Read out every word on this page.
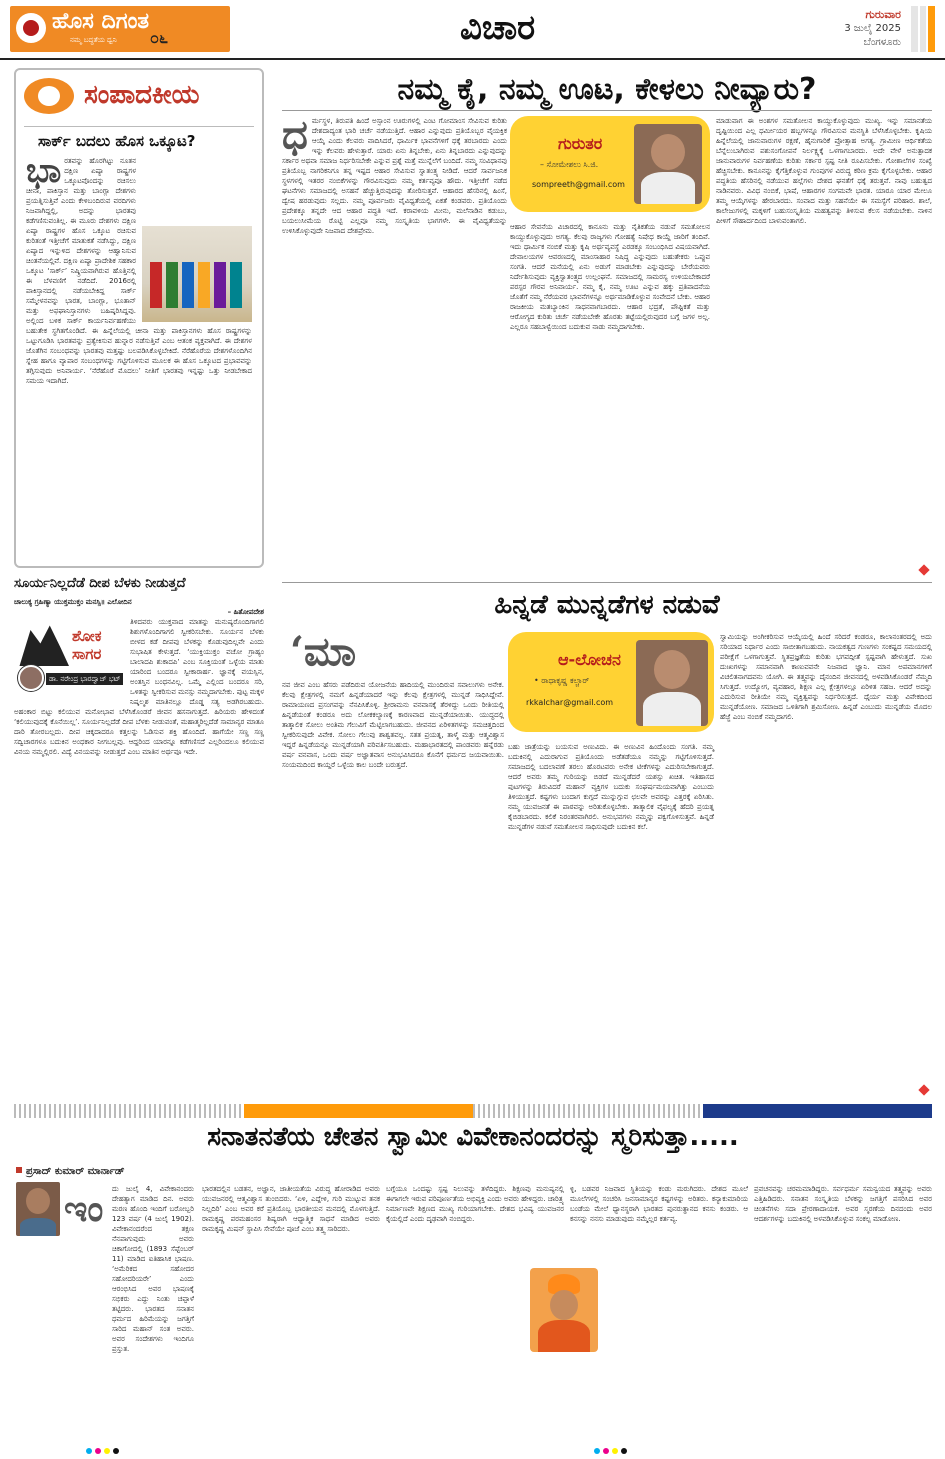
ಹೊಸ ದಿಗಂತ
ನಮ್ಮ ಬದ್ಧತೆಯ ಧ್ವನಿ ೦೬	ವಿಚಾರ	ಗುರುವಾರ
3 ಜುಲೈ 2025
ಬೆಂಗಳೂರು
ಸಂಪಾದಕೀಯ
ಸಾರ್ಕ್ ಬದಲು ಹೊಸ ಒಕ್ಕೂಟ?
ಭಾ ರತವನ್ನು ಹೊರಗಿಟ್ಟು ನೂತನ ದಕ್ಷಿಣ ಏಷ್ಯಾ ರಾಷ್ಟ್ರಗಳ ಒಕ್ಕೂಟವೊಂದನ್ನು ರಚಿಸಲು ಚೀನಾ, ಪಾಕಿಸ್ತಾನ ಮತ್ತು ಬಾಂಗ್ಲಾ ದೇಶಗಳು ಪ್ರಯತ್ನಿಸುತ್ತಿವೆ ಎಂದು ಕೇಳಿಬಂದಿರುವ ವರದಿಗಳು ನಿಜವಾಗಿದ್ದಲ್ಲಿ, ಅದನ್ನು ಭಾರತವು ಕಡೆಗಣಿಸುವಂತಿಲ್ಲ. ಈ ಮೂರು ದೇಶಗಳು ದಕ್ಷಿಣ ಏಷ್ಯಾ ರಾಷ್ಟ್ರಗಳ ಹೊಸ ಒಕ್ಕೂಟ ರಚಿಸುವ ಕುರಿತಂತೆ ಇತ್ತೀಚೆಗೆ ಮಾತುಕತೆ ನಡೆಸಿದ್ದು, ದಕ್ಷಿಣ ಏಷ್ಯಾದ ಇನ್ನುಳಿದ ದೇಶಗಳನ್ನು ಆಹ್ವಾನಿಸುವ ಚಿಂತನೆಯಲ್ಲಿವೆ. ದಕ್ಷಿಣ ಏಷ್ಯಾ ಪ್ರಾದೇಶಿಕ ಸಹಕಾರ ಒಕ್ಕೂಟ ‘ಸಾರ್ಕ್’ ನಿಷ್ಕ್ರಿಯವಾಗಿರುವ ಹೊತ್ತಿನಲ್ಲಿ ಈ ಬೆಳವಣಿಗೆ ನಡೆದಿದೆ. 2016ರಲ್ಲಿ ಪಾಕಿಸ್ತಾನದಲ್ಲಿ ನಡೆಯಬೇಕಿದ್ದ ಸಾರ್ಕ್ ಸಮ್ಮೇಳನವನ್ನು ಭಾರತ, ಬಾಂಗ್ಲಾ, ಭೂತಾನ್ ಮತ್ತು ಅಫಘಾನಿಸ್ತಾನಗಳು ಬಹಿಷ್ಕರಿಸಿದ್ದವು. ಅಲ್ಲಿಂದ ಬಳಿಕ ಸಾರ್ಕ್ ಕಾರ್ಯನಿರ್ವಹಣೆಯು ಬಹುತೇಕ ಸ್ಥಗಿತಗೊಂಡಿದೆ. ಈ ಹಿನ್ನೆಲೆಯಲ್ಲಿ ಚೀನಾ ಮತ್ತು ಪಾಕಿಸ್ತಾನಗಳು ಹೊಸ ರಾಷ್ಟ್ರಗಳನ್ನು ಒಟ್ಟುಗೂಡಿಸಿ ಭಾರತವನ್ನು ಪ್ರತ್ಯೇಕಿಸುವ ಹುನ್ನಾರ ನಡೆಸುತ್ತಿವೆ ಎಂಬ ಆತಂಕ ವ್ಯಕ್ತವಾಗಿದೆ. ಈ ದೇಶಗಳ ಜೊತೆಗಿನ ಸಂಬಂಧವನ್ನು ಭಾರತವು ಮತ್ತಷ್ಟು ಬಲಪಡಿಸಿಕೊಳ್ಳಬೇಕಿದೆ. ನೆರೆಹೊರೆಯ ದೇಶಗಳೊಂದಿಗಿನ ಸ್ನೇಹ ಹಾಗೂ ವ್ಯಾಪಾರ ಸಂಬಂಧಗಳನ್ನು ಗಟ್ಟಿಗೊಳಿಸುವ ಮೂಲಕ ಈ ಹೊಸ ಒಕ್ಕೂಟದ ಪ್ರಭಾವವನ್ನು ತಗ್ಗಿಸುವುದು ಅನಿವಾರ್ಯ. ‘ನೆರೆಹೊರೆ ಮೊದಲು’ ನೀತಿಗೆ ಭಾರತವು ಇನ್ನಷ್ಟು ಒತ್ತು ನೀಡಬೇಕಾದ ಸಮಯ ಇದಾಗಿದೆ.
ಸೂರ್ಯನಿಲ್ಲದೆಡೆ ದೀಪ ಬೆಳಕು ನೀಡುತ್ತದೆ
ಚಾಲುಕ್ಯ ಗ್ರಹಿಣ್ಯಾ ಯುಕ್ತಮುಕ್ತಂ ಮನಸ್ಸಿ॥ ಎಲೋದಿನ
– ಹಿತೋಪದೇಶ
ಶೋಕ ಸಾಗರ
ಡಾ. ನರೇಂದ್ರ ಭಾರದ್ವಾಜ್ ಭಟ್
ತಿಳಿದವರು ಯುಕ್ತವಾದ ಮಾತನ್ನು ಮನುಷ್ಯರೊಂದಿಗಾಗಲಿ ಶಿಶುಗಳೊಂದಿಗಾಗಲಿ ಸ್ವೀಕರಿಸಬೇಕು. ಸೂರ್ಯನ ಬೆಳಕು ಬೀಳದ ಕಡೆ ದೀಪವು ಬೆಳಕನ್ನು ಕೊಡುವುದಿಲ್ಲವೇ ಎಂದು ಸುಭಾಷಿತ ಕೇಳುತ್ತದೆ. ‘ಯುಕ್ತಿಯುಕ್ತಂ ವಚೋ ಗ್ರಾಹ್ಯಂ ಬಾಲಾದಪಿ ಶುಕಾದಪಿ’ ಎಂಬ ಸೂಕ್ತಿಯಂತೆ ಒಳ್ಳೆಯ ಮಾತು ಯಾರಿಂದ ಬಂದರೂ ಸ್ವೀಕಾರಾರ್ಹ. ಜ್ಞಾನಕ್ಕೆ ವಯಸ್ಸಿನ, ಅಂತಸ್ತಿನ ಬಂಧನವಿಲ್ಲ. ಒಮ್ಮೆ ಎಲ್ಲಿಂದ ಬಂದರೂ ಸರಿ, ಒಳಿತನ್ನು ಸ್ವೀಕರಿಸುವ ಮನಸ್ಸು ನಮ್ಮದಾಗಬೇಕು. ಪುಟ್ಟ ಮಕ್ಕಳ ನಿಷ್ಕಲ್ಮಶ ಮಾತಿನಲ್ಲೂ ದೊಡ್ಡ ಸತ್ಯ ಅಡಗಿರಬಹುದು. ಅಹಂಕಾರ ಬಿಟ್ಟು ಕಲಿಯುವ ಮನೋಭಾವ ಬೆಳೆಸಿಕೊಂಡರೆ ಜೀವನ ಹಸನಾಗುತ್ತದೆ. ಹಿರಿಯರು ಹೇಳಿದಂತೆ ‘ಕಲಿಯುವುದಕ್ಕೆ ಕೊನೆಯಿಲ್ಲ’. ಸೂರ್ಯನಿಲ್ಲದೆಡೆ ದೀಪ ಬೆಳಕು ನೀಡುವಂತೆ, ಮಹಾತ್ಮರಿಲ್ಲದೆಡೆ ಸಾಮಾನ್ಯರ ಮಾತೂ ದಾರಿ ತೋರಬಲ್ಲದು. ದೀಪ ಚಿಕ್ಕದಾದರೂ ಕತ್ತಲನ್ನು ಓಡಿಸುವ ಶಕ್ತಿ ಹೊಂದಿದೆ. ಹಾಗೆಯೇ ಸಣ್ಣ ಸಣ್ಣ ಸದ್ವಿಚಾರಗಳೂ ಬದುಕಿನ ಅಂಧಕಾರ ನೀಗಬಲ್ಲವು. ಆದ್ದರಿಂದ ಯಾರನ್ನೂ ಕಡೆಗಣಿಸದೆ ಎಲ್ಲರಿಂದಲೂ ಕಲಿಯುವ ವಿನಯ ನಮ್ಮಲ್ಲಿರಲಿ. ವಿದ್ಯೆ ವಿನಯವನ್ನು ನೀಡುತ್ತದೆ ಎಂಬ ಮಾತಿನ ಅರ್ಥವೂ ಇದೇ.
ನಮ್ಮ ಕೈ, ನಮ್ಮ ಊಟ, ಕೇಳಲು ನೀವ್ಯಾರು?
ಧ ರ್ಮಸ್ಥಳ, ತಿರುಪತಿ ಹಿಂದೆ ಅಸ್ಸಾಂನ ಊರುಗಳಲ್ಲಿ ಎಂಟ ಗೋಮಾಂಸ ಸೇವಿಸುವ ಕುರಿತು ದೇಶದಾದ್ಯಂತ ಭಾರಿ ಚರ್ಚೆ ನಡೆಯುತ್ತಿದೆ. ಆಹಾರ ಎನ್ನುವುದು ಪ್ರತಿಯೊಬ್ಬರ ವೈಯಕ್ತಿಕ ಆಯ್ಕೆ ಎಂದು ಕೆಲವರು ವಾದಿಸಿದರೆ, ಧಾರ್ಮಿಕ ಭಾವನೆಗಳಿಗೆ ಧಕ್ಕೆ ತರಬಾರದು ಎಂದು ಇನ್ನು ಕೆಲವರು ಹೇಳುತ್ತಾರೆ. ಯಾರು ಏನು ತಿನ್ನಬೇಕು, ಏನು ತಿನ್ನಬಾರದು ಎನ್ನುವುದನ್ನು ಸರ್ಕಾರ ಅಥವಾ ಸಮಾಜ ನಿರ್ಧರಿಸಬೇಕೇ ಎನ್ನುವ ಪ್ರಶ್ನೆ ಮತ್ತೆ ಮುನ್ನೆಲೆಗೆ ಬಂದಿದೆ. ನಮ್ಮ ಸಂವಿಧಾನವು ಪ್ರತಿಯೊಬ್ಬ ನಾಗರಿಕನಿಗೂ ತನ್ನ ಇಷ್ಟದ ಆಹಾರ ಸೇವಿಸುವ ಸ್ವಾತಂತ್ರ್ಯ ನೀಡಿದೆ. ಆದರೆ ಸಾರ್ವಜನಿಕ ಸ್ಥಳಗಳಲ್ಲಿ ಇತರರ ನಂಬಿಕೆಗಳನ್ನು ಗೌರವಿಸುವುದು ನಮ್ಮ ಕರ್ತವ್ಯವೂ ಹೌದು. ಇತ್ತೀಚೆಗೆ ನಡೆದ ಘಟನೆಗಳು ಸಮಾಜದಲ್ಲಿ ಅಸಹನೆ ಹೆಚ್ಚುತ್ತಿರುವುದನ್ನು ತೋರಿಸುತ್ತವೆ. ಆಹಾರದ ಹೆಸರಿನಲ್ಲಿ ಹಿಂಸೆ, ದ್ವೇಷ ಹರಡುವುದು ಸಲ್ಲದು. ನಮ್ಮ ಪೂರ್ವಜರು ವೈವಿಧ್ಯತೆಯಲ್ಲಿ ಏಕತೆ ಕಂಡವರು. ಪ್ರತಿಯೊಂದು ಪ್ರದೇಶಕ್ಕೂ ತನ್ನದೇ ಆದ ಆಹಾರ ಪದ್ಧತಿ ಇದೆ. ಕರಾವಳಿಯ ಮೀನು, ಮಲೆನಾಡಿನ ಕಡುಬು, ಬಯಲುಸೀಮೆಯ ರೊಟ್ಟಿ ಎಲ್ಲವೂ ನಮ್ಮ ಸಂಸ್ಕೃತಿಯ ಭಾಗಗಳೇ. ಈ ವೈವಿಧ್ಯತೆಯನ್ನು ಉಳಿಸಿಕೊಳ್ಳುವುದೇ ನಿಜವಾದ ದೇಶಪ್ರೇಮ.
ಗುರುತರ
– ಸೋಮೇಶಲು ಸಿ.ಜಿ.
sompreeth@gmail.com
ಆಹಾರ ಸೇವನೆಯ ವಿಚಾರದಲ್ಲಿ ಕಾನೂನು ಮತ್ತು ನೈತಿಕತೆಯ ನಡುವೆ ಸಮತೋಲನ ಕಾಯ್ದುಕೊಳ್ಳುವುದು ಅಗತ್ಯ. ಕೆಲವು ರಾಜ್ಯಗಳು ಗೋಹತ್ಯೆ ನಿಷೇಧ ಕಾಯ್ದೆ ಜಾರಿಗೆ ತಂದಿವೆ. ಇದು ಧಾರ್ಮಿಕ ನಂಬಿಕೆ ಮತ್ತು ಕೃಷಿ ಅರ್ಥವ್ಯವಸ್ಥೆ ಎರಡಕ್ಕೂ ಸಂಬಂಧಿಸಿದ ವಿಷಯವಾಗಿದೆ. ದೇವಾಲಯಗಳ ಆವರಣದಲ್ಲಿ ಮಾಂಸಾಹಾರ ನಿಷಿದ್ಧ ಎನ್ನುವುದು ಬಹುತೇಕರು ಒಪ್ಪುವ ಸಂಗತಿ. ಆದರೆ ಮನೆಯಲ್ಲಿ ಏನು ಅಡುಗೆ ಮಾಡಬೇಕು ಎನ್ನುವುದನ್ನು ಬೇರೆಯವರು ನಿರ್ದೇಶಿಸುವುದು ವ್ಯಕ್ತಿಸ್ವಾತಂತ್ರ್ಯದ ಉಲ್ಲಂಘನೆ. ಸಮಾಜದಲ್ಲಿ ಸಾಮರಸ್ಯ ಉಳಿಯಬೇಕಾದರೆ ಪರಸ್ಪರ ಗೌರವ ಅನಿವಾರ್ಯ. ನಮ್ಮ ಕೈ, ನಮ್ಮ ಊಟ ಎನ್ನುವ ಹಕ್ಕು ಪ್ರತಿಪಾದನೆಯ ಜೊತೆಗೆ ನಮ್ಮ ನೆರೆಯವರ ಭಾವನೆಗಳನ್ನೂ ಅರ್ಥಮಾಡಿಕೊಳ್ಳುವ ಸಂವೇದನೆ ಬೇಕು. ಆಹಾರ ರಾಜಕೀಯ ಮತಬ್ಯಾಂಕಿನ ಸಾಧನವಾಗಬಾರದು. ಆಹಾರ ಭದ್ರತೆ, ಪೌಷ್ಟಿಕತೆ ಮತ್ತು ಆರೋಗ್ಯದ ಕುರಿತು ಚರ್ಚೆ ನಡೆಯಬೇಕೇ ಹೊರತು ತಟ್ಟೆಯಲ್ಲಿರುವುದರ ಬಗ್ಗೆ ಜಗಳ ಅಲ್ಲ. ಎಲ್ಲರೂ ಸಹಬಾಳ್ವೆಯಿಂದ ಬದುಕುವ ನಾಡು ನಮ್ಮದಾಗಬೇಕು.
ಮಾಡುವಾಗ ಈ ಅಂಶಗಳ ಸಮತೋಲನ ಕಾಯ್ದುಕೊಳ್ಳುವುದು ಮುಖ್ಯ. ಇನ್ನು ಸಮಾನತೆಯ ದೃಷ್ಟಿಯಿಂದ ಎಲ್ಲ ಧರ್ಮೀಯರ ಹಬ್ಬಗಳನ್ನೂ ಗೌರವಿಸುವ ಮನಸ್ಥಿತಿ ಬೆಳೆಸಿಕೊಳ್ಳಬೇಕು. ಕೃಷಿಯ ಹಿನ್ನೆಲೆಯಲ್ಲಿ ಜಾನುವಾರುಗಳ ರಕ್ಷಣೆ, ಹೈನುಗಾರಿಕೆ ಪ್ರೋತ್ಸಾಹ ಅಗತ್ಯ. ಗ್ರಾಮೀಣ ಆರ್ಥಿಕತೆಯ ಬೆನ್ನೆಲುಬಾಗಿರುವ ಪಶುಸಂಗೋಪನೆ ನಿರ್ಲಕ್ಷ್ಯಕ್ಕೆ ಒಳಗಾಗಬಾರದು. ಅದೇ ವೇಳೆ ಅನುತ್ಪಾದಕ ಜಾನುವಾರುಗಳ ನಿರ್ವಹಣೆಯ ಕುರಿತು ಸರ್ಕಾರ ಸ್ಪಷ್ಟ ನೀತಿ ರೂಪಿಸಬೇಕು. ಗೋಶಾಲೆಗಳ ಸಂಖ್ಯೆ ಹೆಚ್ಚಿಸಬೇಕು. ಕಾನೂನನ್ನು ಕೈಗೆತ್ತಿಕೊಳ್ಳುವ ಗುಂಪುಗಳ ವಿರುದ್ಧ ಕಠಿಣ ಕ್ರಮ ಕೈಗೊಳ್ಳಬೇಕು. ಆಹಾರ ಪದ್ಧತಿಯ ಹೆಸರಿನಲ್ಲಿ ನಡೆಯುವ ಹಲ್ಲೆಗಳು ದೇಶದ ಘನತೆಗೆ ಧಕ್ಕೆ ತರುತ್ತವೆ. ನಾವು ಬಹುತ್ವದ ನಾಡಿನವರು. ವಿವಿಧ ನಂಬಿಕೆ, ಭಾಷೆ, ಆಹಾರಗಳ ಸಂಗಮವೇ ಭಾರತ. ಯಾರೂ ಯಾರ ಮೇಲೂ ತಮ್ಮ ಆಯ್ಕೆಗಳನ್ನು ಹೇರಬಾರದು. ಸಂವಾದ ಮತ್ತು ಸಹನೆಯೇ ಈ ಸಮಸ್ಯೆಗೆ ಪರಿಹಾರ. ಶಾಲೆ, ಕಾಲೇಜುಗಳಲ್ಲಿ ಮಕ್ಕಳಿಗೆ ಬಹುಸಂಸ್ಕೃತಿಯ ಮಹತ್ವವನ್ನು ತಿಳಿಸುವ ಕೆಲಸ ನಡೆಯಬೇಕು. ನಾಳಿನ ಪೀಳಿಗೆ ಸೌಹಾರ್ದದಿಂದ ಬಾಳುವಂತಾಗಲಿ.
ಹಿನ್ನಡೆ ಮುನ್ನಡೆಗಳ ನಡುವೆ
‘ಮಾ
ನವ ಜೀವ ಎಂಬ ಹೆಸರು ಪಡೆದಿರುವ ಯೋಜನೆಯ ಹಾದಿಯಲ್ಲಿ ಮುಂದಿರುವ ಸವಾಲುಗಳು ಅನೇಕ. ಕೆಲವು ಕ್ಷೇತ್ರಗಳಲ್ಲಿ ನಮಗೆ ಹಿನ್ನಡೆಯಾದರೆ ಇನ್ನು ಕೆಲವು ಕ್ಷೇತ್ರಗಳಲ್ಲಿ ಮುನ್ನಡೆ ಸಾಧಿಸಿದ್ದೇವೆ. ರಾಮಾಯಣದ ಪ್ರಸಂಗವನ್ನು ನೆನಪಿಸಿಕೊಳ್ಳಿ. ಶ್ರೀರಾಮನು ವನವಾಸಕ್ಕೆ ತೆರಳಿದ್ದು ಒಂದು ರೀತಿಯಲ್ಲಿ ಹಿನ್ನಡೆಯಂತೆ ಕಂಡರೂ ಅದು ಲೋಕಕಲ್ಯಾಣಕ್ಕೆ ಕಾರಣವಾದ ಮುನ್ನಡೆಯಾಯಿತು. ಯುದ್ಧದಲ್ಲಿ ತಾತ್ಕಾಲಿಕ ಸೋಲು ಅಂತಿಮ ಗೆಲುವಿಗೆ ಮೆಟ್ಟಿಲಾಗಬಹುದು. ಜೀವನದ ಏರಿಳಿತಗಳನ್ನು ಸಮಚಿತ್ತದಿಂದ ಸ್ವೀಕರಿಸುವುದೇ ವಿವೇಕ. ಸೋಲು ಗೆಲುವು ಶಾಶ್ವತವಲ್ಲ. ಸತತ ಪ್ರಯತ್ನ, ತಾಳ್ಮೆ ಮತ್ತು ಆತ್ಮವಿಶ್ವಾಸ ಇದ್ದರೆ ಹಿನ್ನಡೆಯನ್ನೂ ಮುನ್ನಡೆಯಾಗಿ ಪರಿವರ್ತಿಸಬಹುದು. ಮಹಾಭಾರತದಲ್ಲಿ ಪಾಂಡವರು ಹನ್ನೆರಡು ವರ್ಷ ವನವಾಸ, ಒಂದು ವರ್ಷ ಅಜ್ಞಾತವಾಸ ಅನುಭವಿಸಿದರೂ ಕೊನೆಗೆ ಧರ್ಮದ ಜಯವಾಯಿತು. ಸಂಯಮದಿಂದ ಕಾಯ್ದರೆ ಒಳ್ಳೆಯ ಕಾಲ ಬಂದೇ ಬರುತ್ತದೆ.
ಆ-ಲೋಚನ
• ರಾಧಾಕೃಷ್ಣ ಕಲ್ಚಾರ್
rkkalchar@gmail.com
ಬಹು ಜಾತ್ರೆಯನ್ನು ಬಯಸುವ ಅಣುವಿದು. ಈ ಅಣುವಿನ ಹಿಂದೊಂದು ಸಂಗತಿ. ನಮ್ಮ ಬದುಕಿನಲ್ಲಿ ಎದುರಾಗುವ ಪ್ರತಿಯೊಂದು ಅಡೆತಡೆಯೂ ನಮ್ಮನ್ನು ಗಟ್ಟಿಗೊಳಿಸುತ್ತದೆ. ಸಮಾಜದಲ್ಲಿ ಬದಲಾವಣೆ ತರಲು ಹೊರಟವರು ಅನೇಕ ಟೀಕೆಗಳನ್ನು ಎದುರಿಸಬೇಕಾಗುತ್ತದೆ. ಆದರೆ ಅವರು ತಮ್ಮ ಗುರಿಯನ್ನು ಬಿಡದೆ ಮುನ್ನಡೆದರೆ ಯಶಸ್ಸು ಖಚಿತ. ಇತಿಹಾಸದ ಪುಟಗಳನ್ನು ತಿರುವಿದರೆ ಮಹಾನ್ ವ್ಯಕ್ತಿಗಳ ಬದುಕು ಸಂಘರ್ಷಮಯವಾಗಿತ್ತು ಎಂಬುದು ತಿಳಿಯುತ್ತದೆ. ಕಷ್ಟಗಳು ಬಂದಾಗ ಕುಗ್ಗದೆ ಮುನ್ನುಗ್ಗುವ ಛಲವೇ ಅವರನ್ನು ಎತ್ತರಕ್ಕೆ ಏರಿಸಿತು. ನಮ್ಮ ಯುವಜನತೆ ಈ ಪಾಠವನ್ನು ಅರಿತುಕೊಳ್ಳಬೇಕು. ತಾತ್ಕಾಲಿಕ ವೈಫಲ್ಯಕ್ಕೆ ಹೆದರಿ ಪ್ರಯತ್ನ ಕೈಬಿಡಬಾರದು. ಕಲಿಕೆ ನಿರಂತರವಾಗಿರಲಿ. ಅನುಭವಗಳು ನಮ್ಮನ್ನು ಪಕ್ವಗೊಳಿಸುತ್ತವೆ. ಹಿನ್ನಡೆ ಮುನ್ನಡೆಗಳ ನಡುವೆ ಸಮತೋಲನ ಸಾಧಿಸುವುದೇ ಬದುಕಿನ ಕಲೆ.
ಸ್ವಾಮಿಯನ್ನು ಅಂಗೀಕರಿಸುವ ಆಯ್ಕೆಯಲ್ಲಿ ಹಿಂದೆ ಸರಿದರೆ ಕಂಡರೂ, ಕಾಲಾನಂತರದಲ್ಲಿ ಅದು ಸರಿಯಾದ ನಿರ್ಧಾರ ಎಂದು ಸಾಬೀತಾಗಬಹುದು. ನಾಯಕತ್ವದ ಗುಣಗಳು ಸಂಕಷ್ಟದ ಸಮಯದಲ್ಲಿ ಪರೀಕ್ಷೆಗೆ ಒಳಗಾಗುತ್ತವೆ. ಸ್ಥಿತಪ್ರಜ್ಞತೆಯ ಕುರಿತು ಭಗವದ್ಗೀತೆ ಸ್ಪಷ್ಟವಾಗಿ ಹೇಳುತ್ತದೆ. ಸುಖ ದುಃಖಗಳನ್ನು ಸಮಾನವಾಗಿ ಕಾಣುವವನೇ ನಿಜವಾದ ಜ್ಞಾನಿ. ಮಾನ ಅಪಮಾನಗಳಿಗೆ ವಿಚಲಿತನಾಗದವನು ಯೋಗಿ. ಈ ತತ್ತ್ವವನ್ನು ದೈನಂದಿನ ಜೀವನದಲ್ಲಿ ಅಳವಡಿಸಿಕೊಂಡರೆ ನೆಮ್ಮದಿ ಸಿಗುತ್ತದೆ. ಉದ್ಯೋಗ, ವ್ಯವಹಾರ, ಶಿಕ್ಷಣ ಎಲ್ಲ ಕ್ಷೇತ್ರಗಳಲ್ಲೂ ಏರಿಳಿತ ಸಹಜ. ಆದರೆ ಅದನ್ನು ಎದುರಿಸುವ ರೀತಿಯೇ ನಮ್ಮ ವ್ಯಕ್ತಿತ್ವವನ್ನು ನಿರ್ಧರಿಸುತ್ತದೆ. ಧೈರ್ಯ ಮತ್ತು ವಿವೇಕದಿಂದ ಮುನ್ನಡೆಯೋಣ. ಸಮಾಜದ ಒಳಿತಿಗಾಗಿ ಶ್ರಮಿಸೋಣ. ಹಿನ್ನಡೆ ಎಂಬುದು ಮುನ್ನಡೆಯ ಮೊದಲ ಹೆಜ್ಜೆ ಎಂಬ ನಂಬಿಕೆ ನಮ್ಮದಾಗಲಿ.
ಸನಾತನತೆಯ ಚೇತನ ಸ್ವಾಮೀ ವಿವೇಕಾನಂದರನ್ನು ಸ್ಮರಿಸುತ್ತಾ.....
ಪ್ರಸಾದ್ ಕುಮಾರ್ ಮಾರ್ನಾಡ್
ಇಂ ದು ಜುಲೈ 4, ವಿವೇಕಾನಂದರು ದೇಹತ್ಯಾಗ ಮಾಡಿದ ದಿನ. ಅವರು ಮರಣ ಹೊಂದಿ ಇಂದಿಗೆ ಬರೋಬ್ಬರಿ 123 ವರ್ಷ (4 ಜುಲೈ 1902). ವಿವೇಕಾನಂದರೆಂದ ತಕ್ಷಣ ನೆನಪಾಗುವುದು ಅವರು ಚಿಕಾಗೋದಲ್ಲಿ (1893 ಸೆಪ್ಟೆಂಬರ್ 11) ಮಾಡಿದ ಐತಿಹಾಸಿಕ ಭಾಷಣ. ‘ಅಮೆರಿಕದ ಸಹೋದರ ಸಹೋದರಿಯರೇ’ ಎಂದು ಆರಂಭಿಸಿದ ಅವರ ಭಾಷಣಕ್ಕೆ ಸಭಿಕರು ಎದ್ದು ನಿಂತು ಚಪ್ಪಾಳೆ ತಟ್ಟಿದರು. ಭಾರತದ ಸನಾತನ ಧರ್ಮದ ಹಿರಿಮೆಯನ್ನು ಜಗತ್ತಿಗೆ ಸಾರಿದ ಮಹಾನ್ ಸಂತ ಅವರು. ಅವರ ಸಂದೇಶಗಳು ಇಂದಿಗೂ ಪ್ರಸ್ತುತ.
ಭಾರತದಲ್ಲಿನ ಬಡತನ, ಅಜ್ಞಾನ, ಜಾತೀಯತೆಯ ವಿರುದ್ಧ ಹೋರಾಡಿದ ಅವರು ಯುವಜನರಲ್ಲಿ ಆತ್ಮವಿಶ್ವಾಸ ತುಂಬಿದರು. ‘ಏಳಿ, ಎದ್ದೇಳಿ, ಗುರಿ ಮುಟ್ಟುವ ತನಕ ನಿಲ್ಲದಿರಿ’ ಎಂಬ ಅವರ ಕರೆ ಪ್ರತಿಯೊಬ್ಬ ಭಾರತೀಯನ ಮನದಲ್ಲಿ ಮೊಳಗುತ್ತಿದೆ. ರಾಮಕೃಷ್ಣ ಪರಮಹಂಸರ ಶಿಷ್ಯರಾಗಿ ಆಧ್ಯಾತ್ಮಿಕ ಸಾಧನೆ ಮಾಡಿದ ಅವರು ರಾಮಕೃಷ್ಣ ಮಿಷನ್ ಸ್ಥಾಪಿಸಿ ಸೇವೆಯೇ ಪೂಜೆ ಎಂಬ ತತ್ತ್ವ ಸಾರಿದರು.
ಬಗ್ಗೆಯೂ ಒಂದಷ್ಟು ಸ್ಪಷ್ಟ ನಿಲುವನ್ನು ತಳೆದಿದ್ದರು. ಶಿಕ್ಷಣವು ಮನುಷ್ಯನಲ್ಲಿ ಈಗಾಗಲೇ ಇರುವ ಪರಿಪೂರ್ಣತೆಯ ಅಭಿವ್ಯಕ್ತಿ ಎಂದು ಅವರು ಹೇಳಿದ್ದರು. ಚಾರಿತ್ರ್ಯ ನಿರ್ಮಾಣವೇ ಶಿಕ್ಷಣದ ಮುಖ್ಯ ಗುರಿಯಾಗಬೇಕು. ದೇಶದ ಭವಿಷ್ಯ ಯುವಜನರ ಕೈಯಲ್ಲಿದೆ ಎಂದು ದೃಢವಾಗಿ ನಂಬಿದ್ದರು.
ಳ್ಳಿ, ಬಡವರ ನಿಜವಾದ ಸ್ಥಿತಿಯನ್ನು ಕಂಡು ಮರುಗಿದರು. ದೇಶದ ಮೂಲೆ ಮೂಲೆಗಳಲ್ಲಿ ಸಂಚರಿಸಿ ಜನಸಾಮಾನ್ಯರ ಕಷ್ಟಗಳನ್ನು ಅರಿತರು. ಕನ್ಯಾಕುಮಾರಿಯ ಬಂಡೆಯ ಮೇಲೆ ಧ್ಯಾನಸ್ಥರಾಗಿ ಭಾರತದ ಪುನರುತ್ಥಾನದ ಕನಸು ಕಂಡರು. ಆ ಕನಸನ್ನು ನನಸು ಮಾಡುವುದು ನಮ್ಮೆಲ್ಲರ ಕರ್ತವ್ಯ.
ಪ್ರವಚನವನ್ನು ಚರಮಮಾಡಿದ್ದರು. ಸರ್ವಧರ್ಮ ಸಮನ್ವಯದ ತತ್ತ್ವವನ್ನು ಅವರು ಎತ್ತಿಹಿಡಿದರು. ಸನಾತನ ಸಂಸ್ಕೃತಿಯ ಬೆಳಕನ್ನು ಜಗತ್ತಿಗೆ ಪಸರಿಸಿದ ಅವರ ಚಿಂತನೆಗಳು ಸದಾ ಪ್ರೇರಣಾದಾಯಕ. ಅವರ ಸ್ಮರಣೆಯ ದಿನದಂದು ಅವರ ಆದರ್ಶಗಳನ್ನು ಬದುಕಿನಲ್ಲಿ ಅಳವಡಿಸಿಕೊಳ್ಳುವ ಸಂಕಲ್ಪ ಮಾಡೋಣ.
